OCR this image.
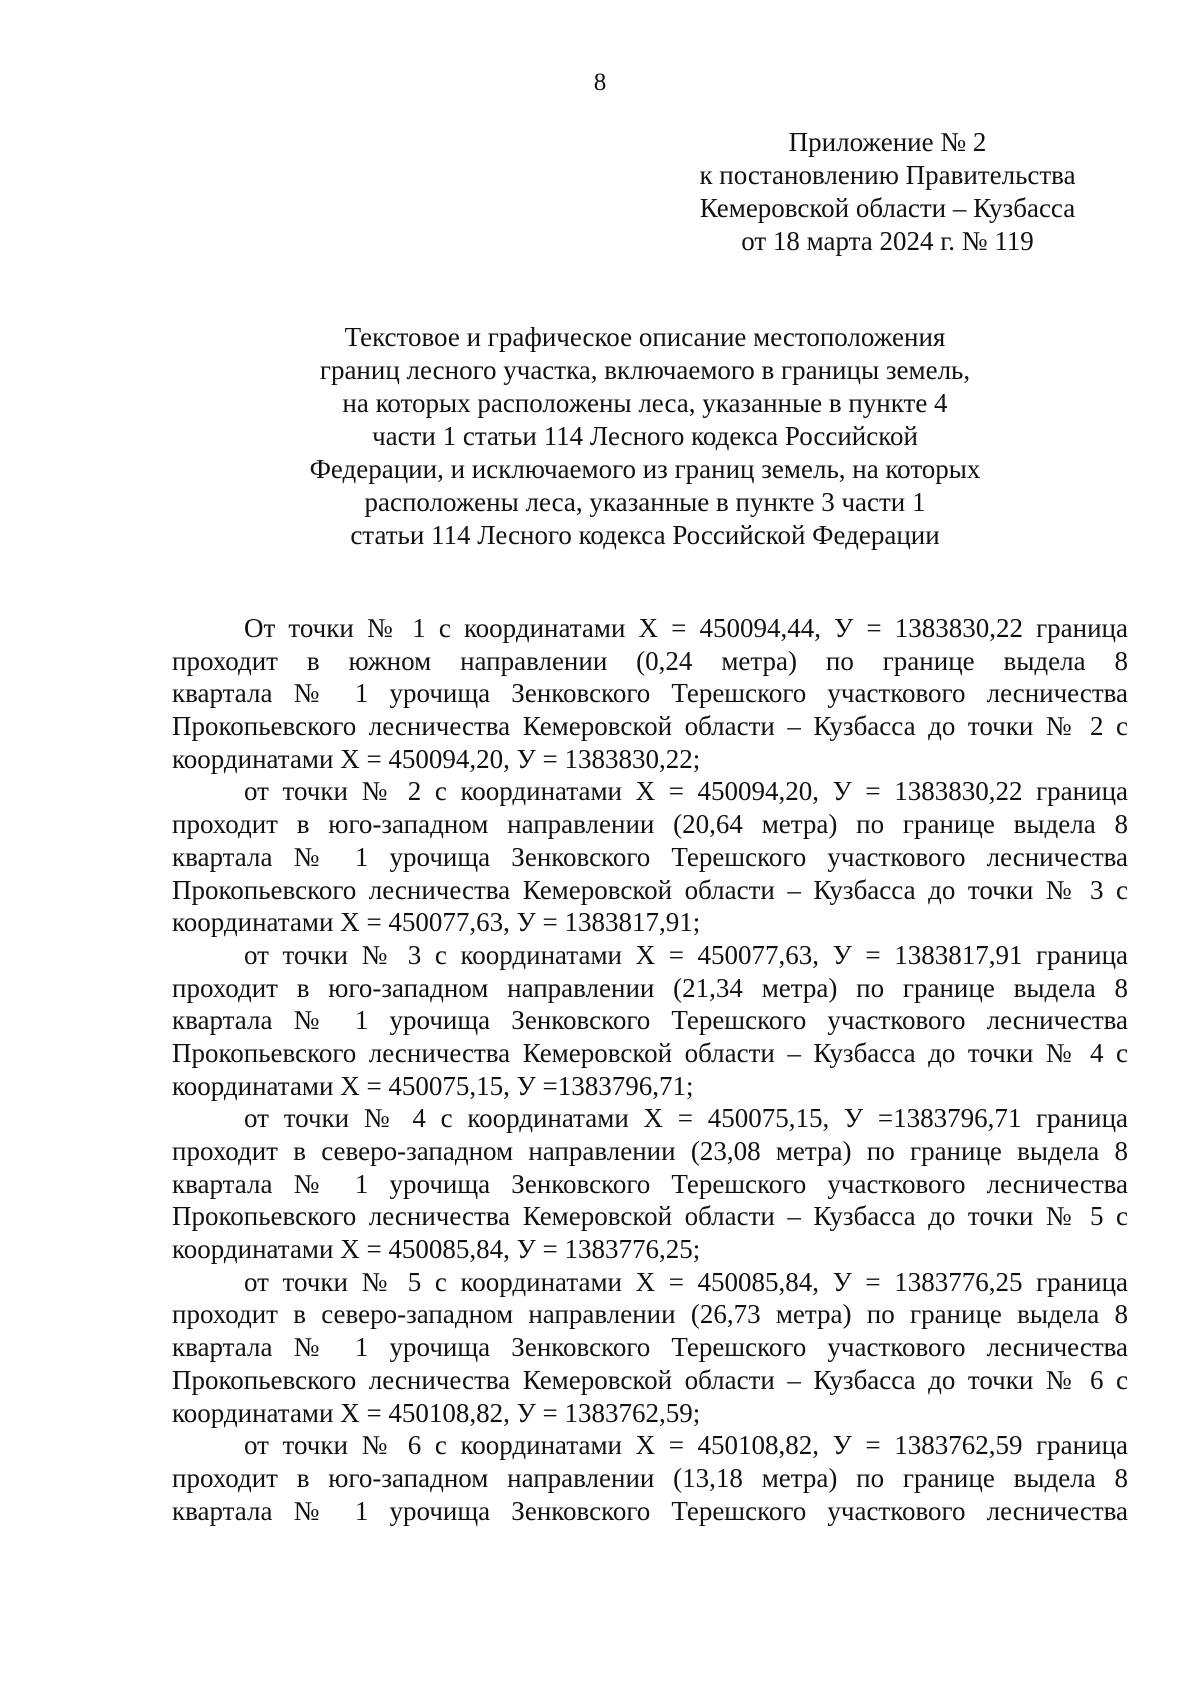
8
Приложение № 2
к постановлению Правительства
Кемеровской области – Кузбасса
от 18 марта 2024 г. № 119
Текстовое и графическое описание местоположения
границ лесного участка, включаемого в границы земель,
на которых расположены леса, указанные в пункте 4
части 1 статьи 114 Лесного кодекса Российской
Федерации, и исключаемого из границ земель, на которых
расположены леса, указанные в пункте 3 части 1
статьи 114 Лесного кодекса Российской Федерации
От точки № 1 с координатами Х = 450094,44, У = 1383830,22 граница
проходит в южном направлении (0,24 метра) по границе выдела 8
квартала № 1 урочища Зенковского Терешского участкового лесничества
Прокопьевского лесничества Кемеровской области – Кузбасса до точки № 2 с
координатами Х = 450094,20, У = 1383830,22;
от точки № 2 с координатами Х = 450094,20, У = 1383830,22 граница
проходит в юго-западном направлении (20,64 метра) по границе выдела 8
квартала № 1 урочища Зенковского Терешского участкового лесничества
Прокопьевского лесничества Кемеровской области – Кузбасса до точки № 3 с
координатами Х = 450077,63, У = 1383817,91;
от точки № 3 с координатами Х = 450077,63, У = 1383817,91 граница
проходит в юго-западном направлении (21,34 метра) по границе выдела 8
квартала № 1 урочища Зенковского Терешского участкового лесничества
Прокопьевского лесничества Кемеровской области – Кузбасса до точки № 4 с
координатами Х = 450075,15, У =1383796,71;
от точки № 4 с координатами Х = 450075,15, У =1383796,71 граница
проходит в северо-западном направлении (23,08 метра) по границе выдела 8
квартала № 1 урочища Зенковского Терешского участкового лесничества
Прокопьевского лесничества Кемеровской области – Кузбасса до точки № 5 с
координатами Х = 450085,84, У = 1383776,25;
от точки № 5 с координатами Х = 450085,84, У = 1383776,25 граница
проходит в северо-западном направлении (26,73 метра) по границе выдела 8
квартала № 1 урочища Зенковского Терешского участкового лесничества
Прокопьевского лесничества Кемеровской области – Кузбасса до точки № 6 с
координатами Х = 450108,82, У = 1383762,59;
от точки № 6 с координатами Х = 450108,82, У = 1383762,59 граница
проходит в юго-западном направлении (13,18 метра) по границе выдела 8
квартала № 1 урочища Зенковского Терешского участкового лесничества
